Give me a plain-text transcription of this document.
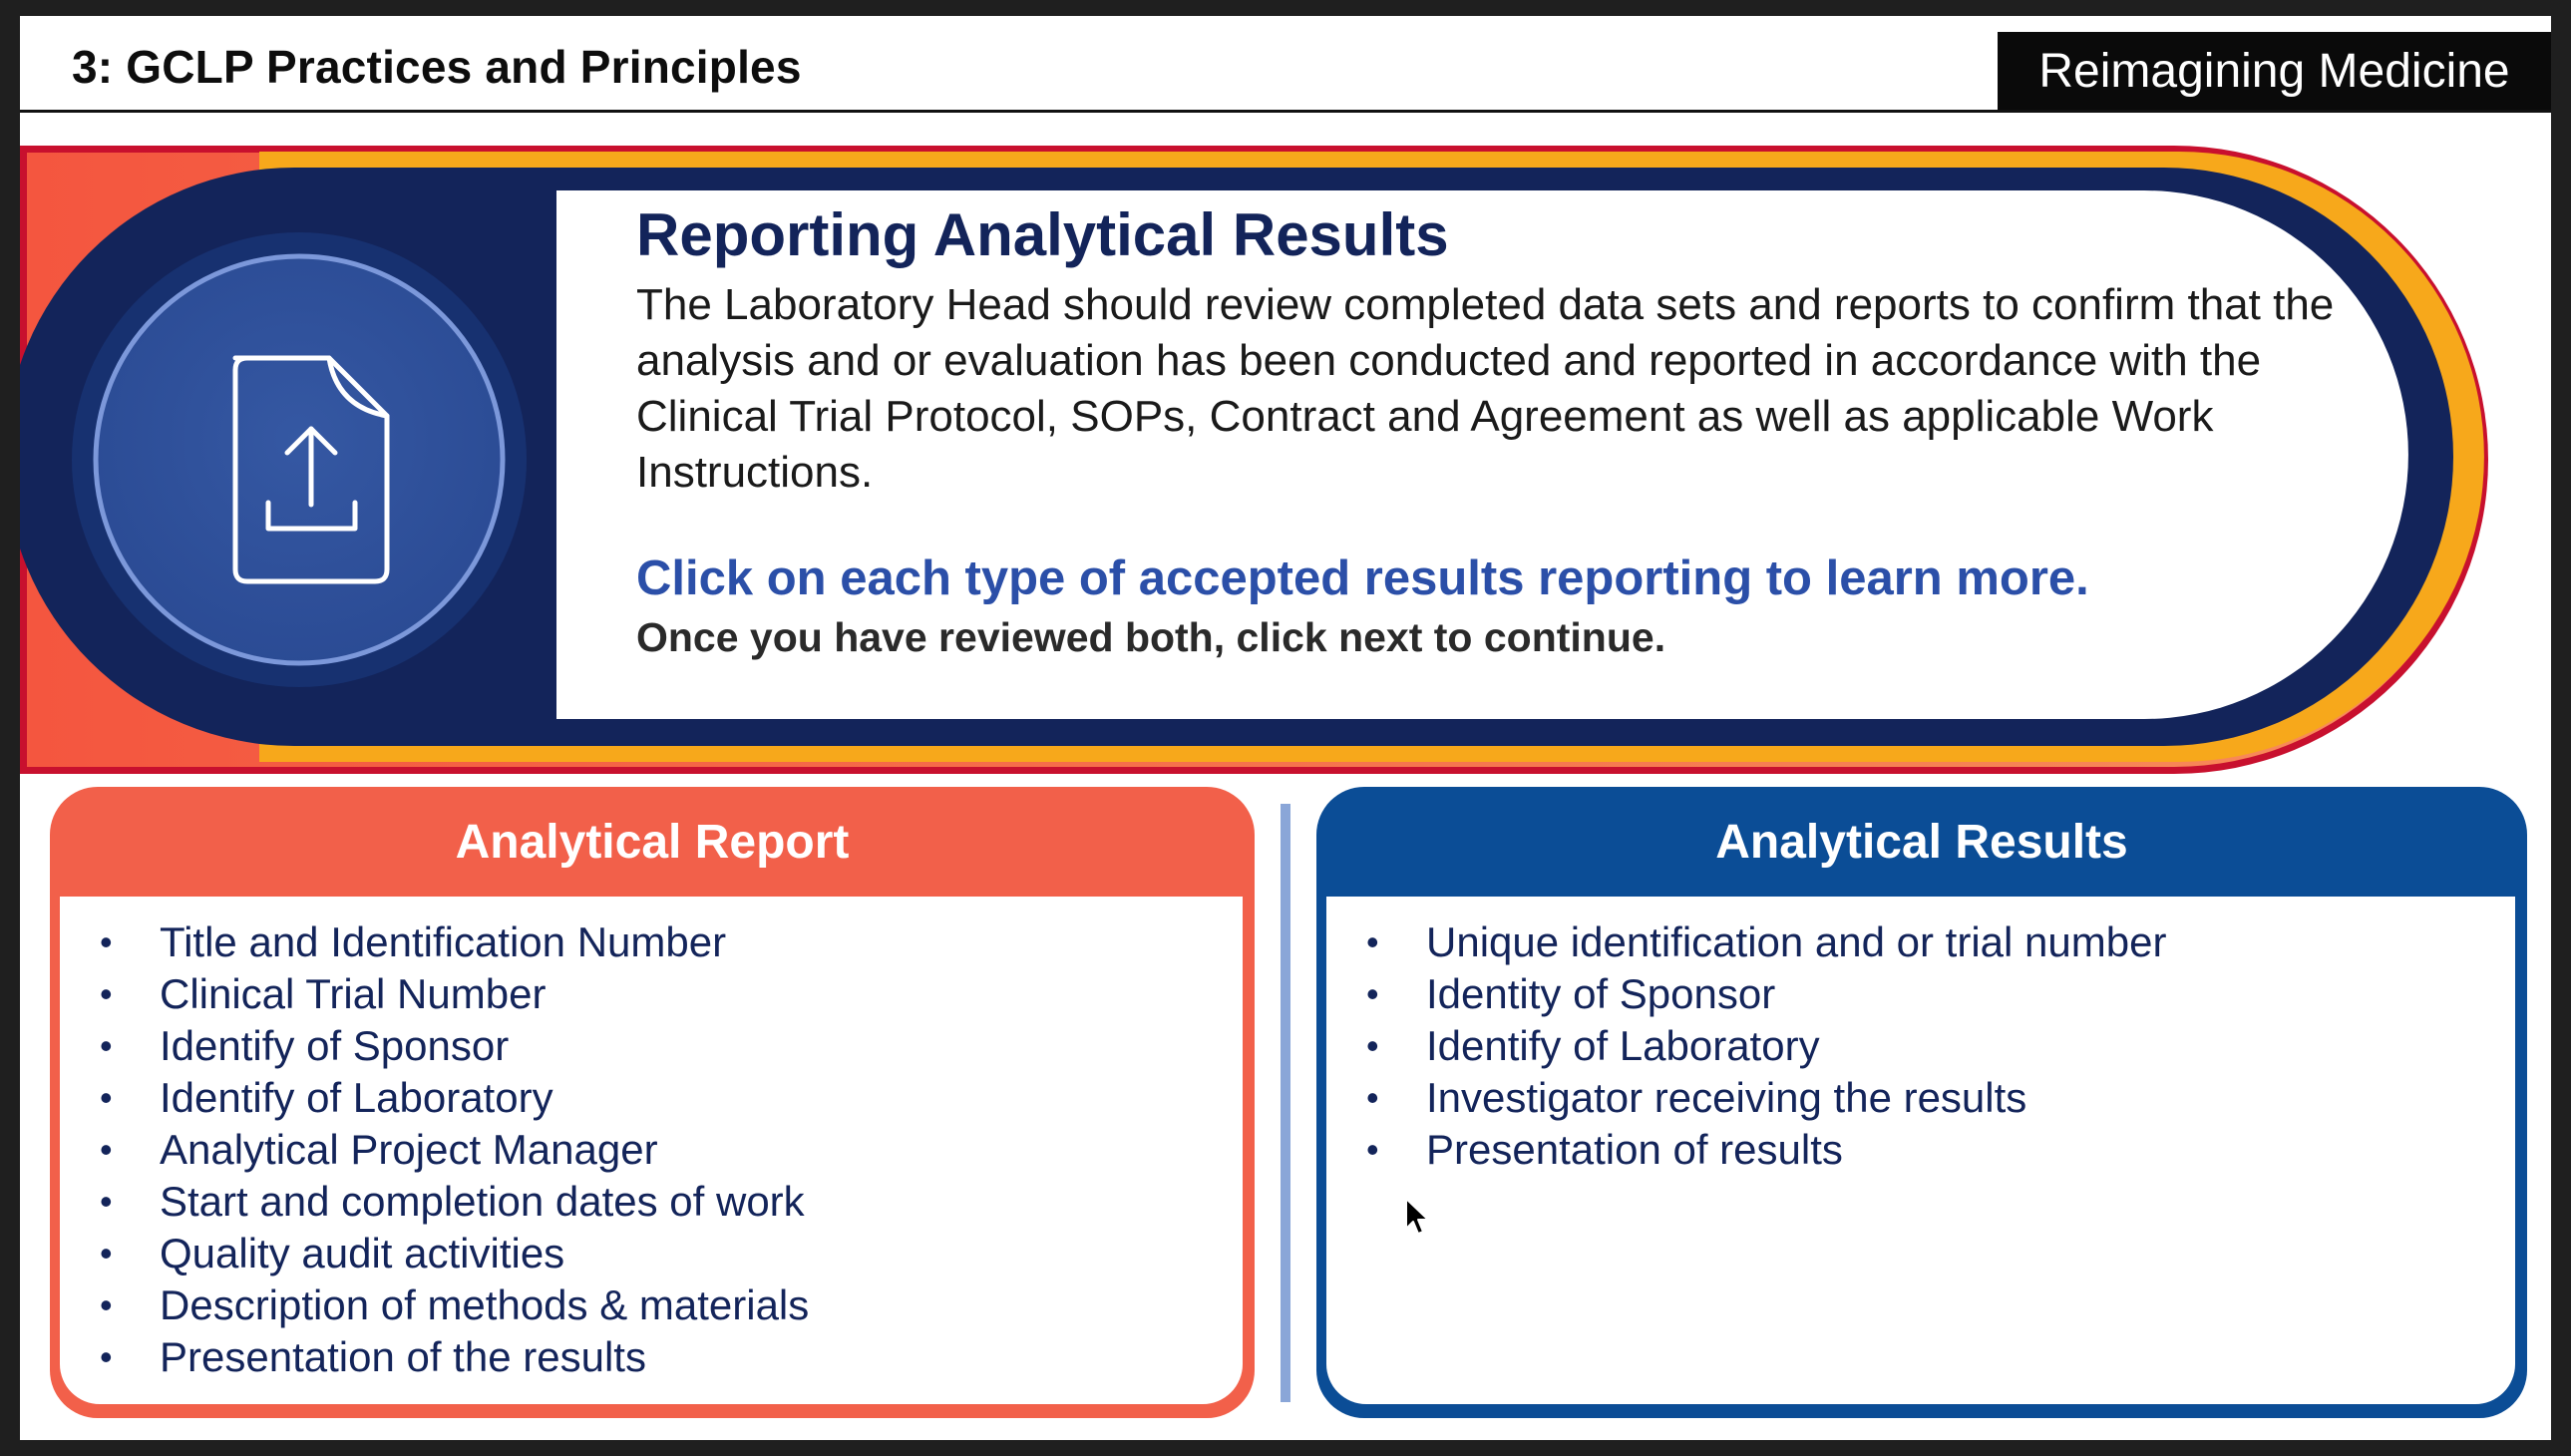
3: GCLP Practices and Principles	Reimagining Medicine
Reporting Analytical Results
The Laboratory Head should review completed data sets and reports to confirm that the analysis and or evaluation has been conducted and reported in accordance with the Clinical Trial Protocol, SOPs, Contract and Agreement as well as applicable Work Instructions.
Click on each type of accepted results reporting to learn more.
Once you have reviewed both, click next to continue.
Analytical Report
• Title and Identification Number
• Clinical Trial Number
• Identify of Sponsor
• Identify of Laboratory
• Analytical Project Manager
• Start and completion dates of work
• Quality audit activities
• Description of methods & materials
• Presentation of the results
Analytical Results
• Unique identification and or trial number
• Identity of Sponsor
• Identify of Laboratory
• Investigator receiving the results
• Presentation of results
